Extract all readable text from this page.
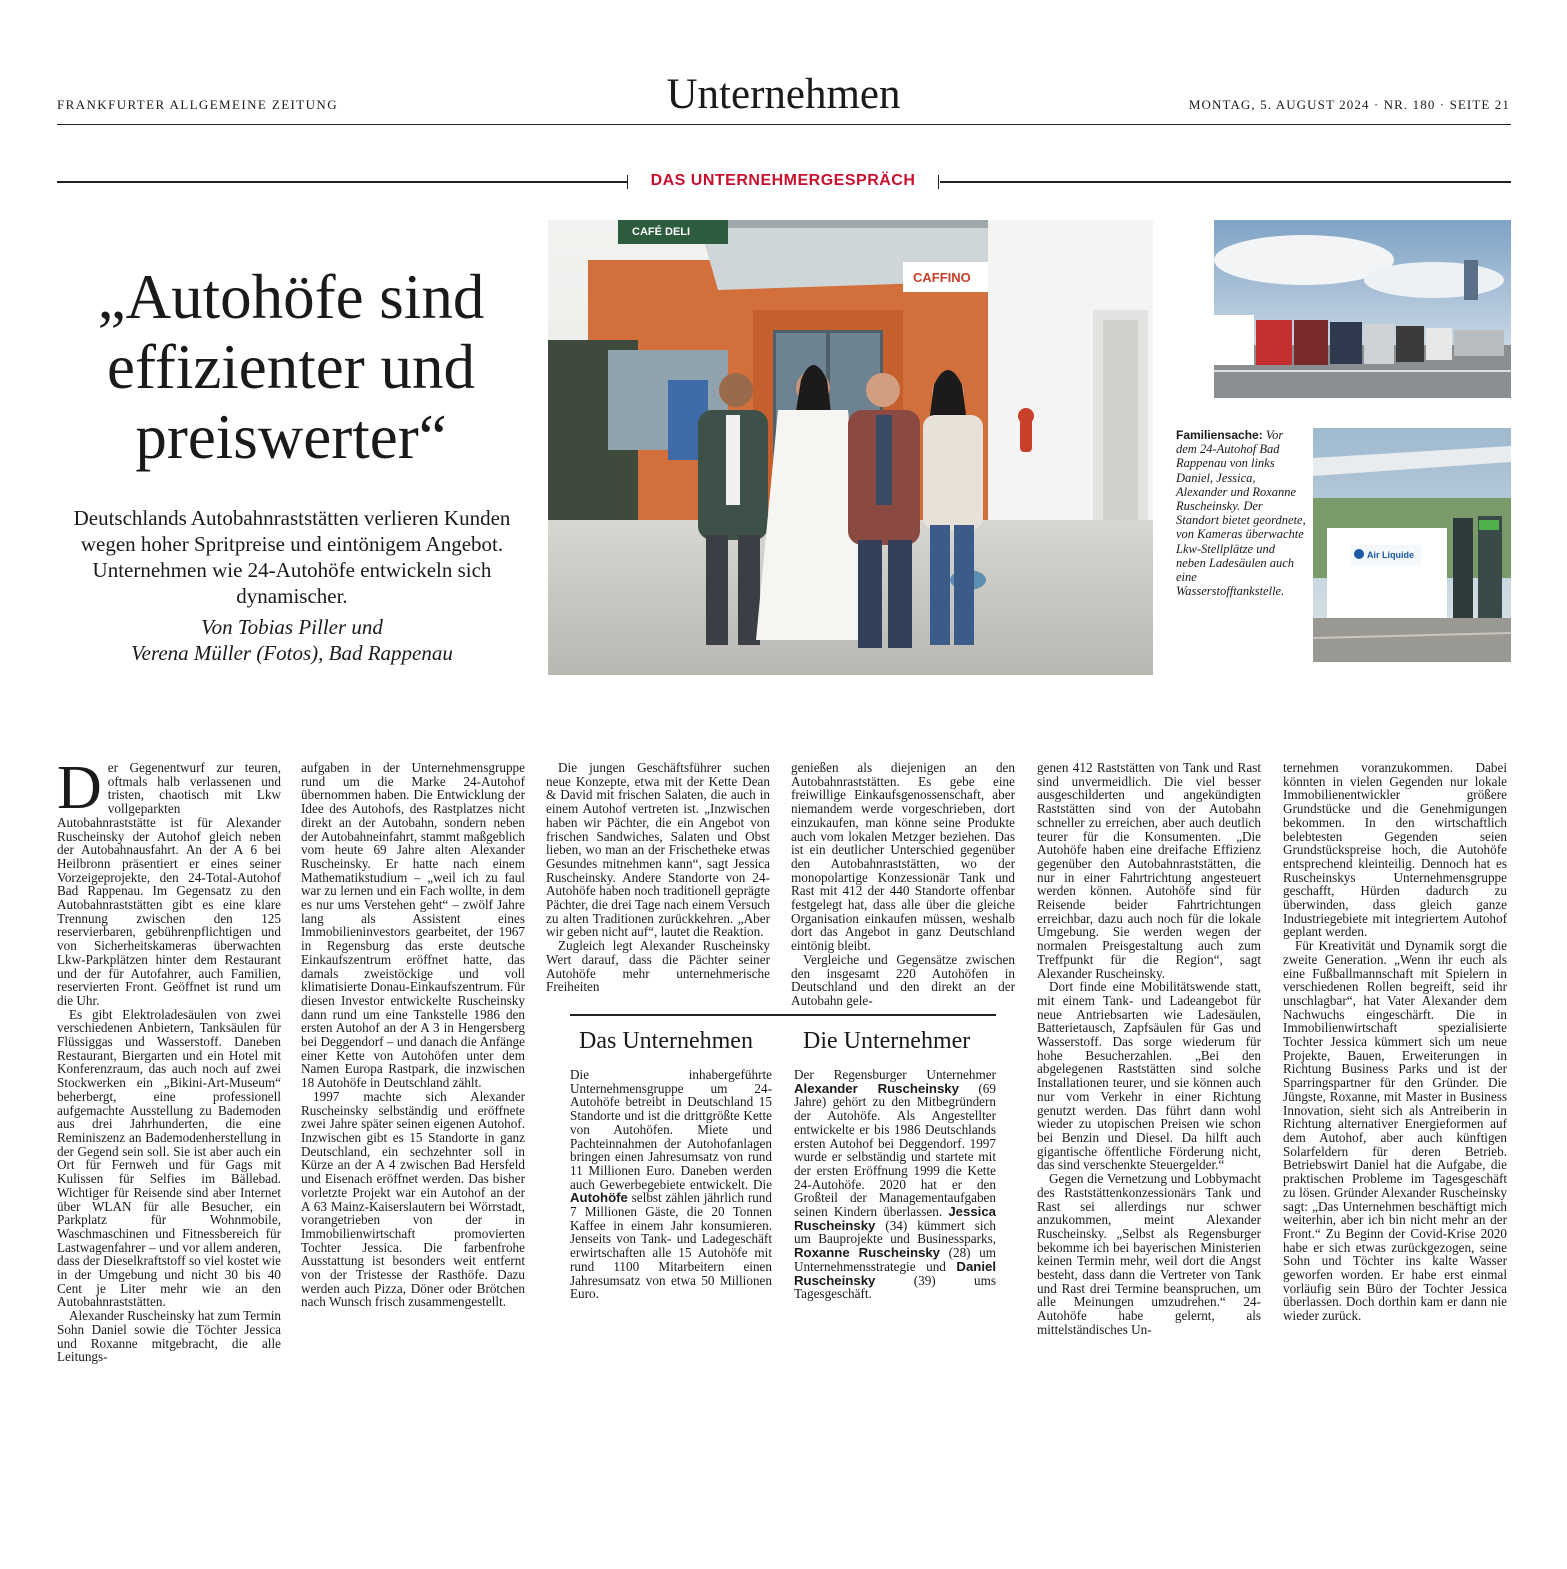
FRANKFURTER ALLGEMEINE ZEITUNG	Unternehmen	MONTAG, 5. AUGUST 2024 · NR. 180 · SEITE 21
DAS UNTERNEHMERGESPRÄCH
„Autohöfe sind effizienter und preiswerter“
Deutschlands Autobahnraststätten verlieren Kunden wegen hoher Spritpreise und eintönigem Angebot. Unternehmen wie 24-Autohöfe entwickeln sich dynamischer.
Von Tobias Piller und
Verena Müller (Fotos), Bad Rappenau
CAFÉ DELI
CAFFINO
Familiensache: Vor dem 24-Autohof Bad Rappenau von links Daniel, Jessica, Alexander und Roxanne Ruscheinsky. Der Standort bietet geordnete, von Kameras überwachte Lkw-Stellplätze und neben Ladesäulen auch eine Wasserstofftankstelle.
Air Liquide

Der Gegenentwurf zur teuren, oftmals halb verlassenen und tristen, chaotisch mit Lkw vollgeparkten Autobahnraststätte ist für Alexander Ruscheinsky der Autohof gleich neben der Autobahnausfahrt. An der A 6 bei Heilbronn präsentiert er eines seiner Vorzeigeprojekte, den 24-Total-Autohof Bad Rappenau. Im Gegensatz zu den Autobahnraststätten gibt es eine klare Trennung zwischen den 125 reservierbaren, gebührenpflichtigen und von Sicherheitskameras überwachten Lkw-Parkplätzen hinter dem Restaurant und der für Autofahrer, auch Familien, reservierten Front. Geöffnet ist rund um die Uhr.

Es gibt Elektroladesäulen von zwei verschiedenen Anbietern, Tanksäulen für Flüssiggas und Wasserstoff. Daneben Restaurant, Biergarten und ein Hotel mit Konferenzraum, das auch noch auf zwei Stockwerken ein „Bikini-Art-Museum“ beherbergt, eine professionell aufgemachte Ausstellung zu Bademoden aus drei Jahrhunderten, die eine Reminiszenz an Bademodenherstellung in der Gegend sein soll. Sie ist aber auch ein Ort für Fernweh und für Gags mit Kulissen für Selfies im Bällebad. Wichtiger für Reisende sind aber Internet über WLAN für alle Besucher, ein Parkplatz für Wohnmobile, Waschmaschinen und Fitnessbereich für Lastwagenfahrer – und vor allem anderen, dass der Dieselkraftstoff so viel kostet wie in der Umgebung und nicht 30 bis 40 Cent je Liter mehr wie an den Autobahnraststätten.

Alexander Ruscheinsky hat zum Termin Sohn Daniel sowie die Töchter Jessica und Roxanne mitgebracht, die alle Leitungs-

aufgaben in der Unternehmensgruppe rund um die Marke 24-Autohof übernommen haben. Die Entwicklung der Idee des Autohofs, des Rastplatzes nicht direkt an der Autobahn, sondern neben der Autobahneinfahrt, stammt maßgeblich vom heute 69 Jahre alten Alexander Ruscheinsky. Er hatte nach einem Mathematikstudium – „weil ich zu faul war zu lernen und ein Fach wollte, in dem es nur ums Verstehen geht“ – zwölf Jahre lang als Assistent eines Immobilieninvestors gearbeitet, der 1967 in Regensburg das erste deutsche Einkaufszentrum eröffnet hatte, das damals zweistöckige und voll klimatisierte Donau-Einkaufszentrum. Für diesen Investor entwickelte Ruscheinsky dann rund um eine Tankstelle 1986 den ersten Autohof an der A 3 in Hengersberg bei Deggendorf – und danach die Anfänge einer Kette von Autohöfen unter dem Namen Europa Rastpark, die inzwischen 18 Autohöfe in Deutschland zählt.

1997 machte sich Alexander Ruscheinsky selbständig und eröffnete zwei Jahre später seinen eigenen Autohof. Inzwischen gibt es 15 Standorte in ganz Deutschland, ein sechzehnter soll in Kürze an der A 4 zwischen Bad Hersfeld und Eisenach eröffnet werden. Das bisher vorletzte Projekt war ein Autohof an der A 63 Mainz-Kaiserslautern bei Wörrstadt, vorangetrieben von der in Immobilienwirtschaft promovierten Tochter Jessica. Die farbenfrohe Ausstattung ist besonders weit entfernt von der Tristesse der Rasthöfe. Dazu werden auch Pizza, Döner oder Brötchen nach Wunsch frisch zusammengestellt.

Die jungen Geschäftsführer suchen neue Konzepte, etwa mit der Kette Dean & David mit frischen Salaten, die auch in einem Autohof vertreten ist. „Inzwischen haben wir Pächter, die ein Angebot von frischen Sandwiches, Salaten und Obst lieben, wo man an der Frischetheke etwas Gesundes mitnehmen kann“, sagt Jessica Ruscheinsky. Andere Standorte von 24-Autohöfe haben noch traditionell geprägte Pächter, die drei Tage nach einem Versuch zu alten Traditionen zurückkehren. „Aber wir geben nicht auf“, lautet die Reaktion.

Zugleich legt Alexander Ruscheinsky Wert darauf, dass die Pächter seiner Autohöfe mehr unternehmerische Freiheiten

genießen als diejenigen an den Autobahnraststätten. Es gebe eine freiwillige Einkaufsgenossenschaft, aber niemandem werde vorgeschrieben, dort einzukaufen, man könne seine Produkte auch vom lokalen Metzger beziehen. Das ist ein deutlicher Unterschied gegenüber den Autobahnraststätten, wo der monopolartige Konzessionär Tank und Rast mit 412 der 440 Standorte offenbar festgelegt hat, dass alle über die gleiche Organisation einkaufen müssen, weshalb dort das Angebot in ganz Deutschland eintönig bleibt.

Vergleiche und Gegensätze zwischen den insgesamt 220 Autohöfen in Deutschland und den direkt an der Autobahn gele-

genen 412 Raststätten von Tank und Rast sind unvermeidlich. Die viel besser ausgeschilderten und angekündigten Raststätten sind von der Autobahn schneller zu erreichen, aber auch deutlich teurer für die Konsumenten. „Die Autohöfe haben eine dreifache Effizienz gegenüber den Autobahnraststätten, die nur in einer Fahrtrichtung angesteuert werden können. Autohöfe sind für Reisende beider Fahrtrichtungen erreichbar, dazu auch noch für die lokale Umgebung. Sie werden wegen der normalen Preisgestaltung auch zum Treffpunkt für die Region“, sagt Alexander Ruscheinsky.

Dort finde eine Mobilitätswende statt, mit einem Tank- und Ladeangebot für neue Antriebsarten wie Ladesäulen, Batterietausch, Zapfsäulen für Gas und Wasserstoff. Das sorge wiederum für hohe Besucherzahlen. „Bei den abgelegenen Raststätten sind solche Installationen teurer, und sie können auch nur vom Verkehr in einer Richtung genutzt werden. Das führt dann wohl wieder zu utopischen Preisen wie schon bei Benzin und Diesel. Da hilft auch gigantische öffentliche Förderung nicht, das sind verschenkte Steuergelder.“

Gegen die Vernetzung und Lobbymacht des Raststättenkonzessionärs Tank und Rast sei allerdings nur schwer anzukommen, meint Alexander Ruscheinsky. „Selbst als Regensburger bekomme ich bei bayerischen Ministerien keinen Termin mehr, weil dort die Angst besteht, dass dann die Vertreter von Tank und Rast drei Termine beanspruchen, um alle Meinungen umzudrehen.“ 24-Autohöfe habe gelernt, als mittelständisches Un-

ternehmen voranzukommen. Dabei könnten in vielen Gegenden nur lokale Immobilienentwickler größere Grundstücke und die Genehmigungen bekommen. In den wirtschaftlich belebtesten Gegenden seien Grundstückspreise hoch, die Autohöfe entsprechend kleinteilig. Dennoch hat es Ruscheinskys Unternehmensgruppe geschafft, Hürden dadurch zu überwinden, dass gleich ganze Industriegebiete mit integriertem Autohof geplant werden.

Für Kreativität und Dynamik sorgt die zweite Generation. „Wenn ihr euch als eine Fußballmannschaft mit Spielern in verschiedenen Rollen begreift, seid ihr unschlagbar“, hat Vater Alexander dem Nachwuchs eingeschärft. Die in Immobilienwirtschaft spezialisierte Tochter Jessica kümmert sich um neue Projekte, Bauen, Erweiterungen in Richtung Business Parks und ist der Sparringspartner für den Gründer. Die Jüngste, Roxanne, mit Master in Business Innovation, sieht sich als Antreiberin in Richtung alternativer Energieformen auf dem Autohof, aber auch künftigen Solarfeldern für deren Betrieb. Betriebswirt Daniel hat die Aufgabe, die praktischen Probleme im Tagesgeschäft zu lösen. Gründer Alexander Ruscheinsky sagt: „Das Unternehmen beschäftigt mich weiterhin, aber ich bin nicht mehr an der Front.“ Zu Beginn der Covid-Krise 2020 habe er sich etwas zurückgezogen, seine Sohn und Töchter ins kalte Wasser geworfen worden. Er habe erst einmal vorläufig sein Büro der Tochter Jessica überlassen. Doch dorthin kam er dann nie wieder zurück.

Das Unternehmen

Die inhabergeführte Unternehmensgruppe um 24-Autohöfe betreibt in Deutschland 15 Standorte und ist die drittgrößte Kette von Autohöfen. Miete und Pachteinnahmen der Autohofanlagen bringen einen Jahresumsatz von rund 11 Millionen Euro. Daneben werden auch Gewerbegebiete entwickelt. Die Autohöfe selbst zählen jährlich rund 7 Millionen Gäste, die 20 Tonnen Kaffee in einem Jahr konsumieren. Jenseits von Tank- und Ladegeschäft erwirtschaften alle 15 Autohöfe mit rund 1100 Mitarbeitern einen Jahresumsatz von etwa 50 Millionen Euro.

Die Unternehmer

Der Regensburger Unternehmer Alexander Ruscheinsky (69 Jahre) gehört zu den Mitbegründern der Autohöfe. Als Angestellter entwickelte er bis 1986 Deutschlands ersten Autohof bei Deggendorf. 1997 wurde er selbständig und startete mit der ersten Eröffnung 1999 die Kette 24-Autohöfe. 2020 hat er den Großteil der Managementaufgaben seinen Kindern überlassen. Jessica Ruscheinsky (34) kümmert sich um Bauprojekte und Businessparks, Roxanne Ruscheinsky (28) um Unternehmensstrategie und Daniel Ruscheinsky (39) ums Tagesgeschäft.
